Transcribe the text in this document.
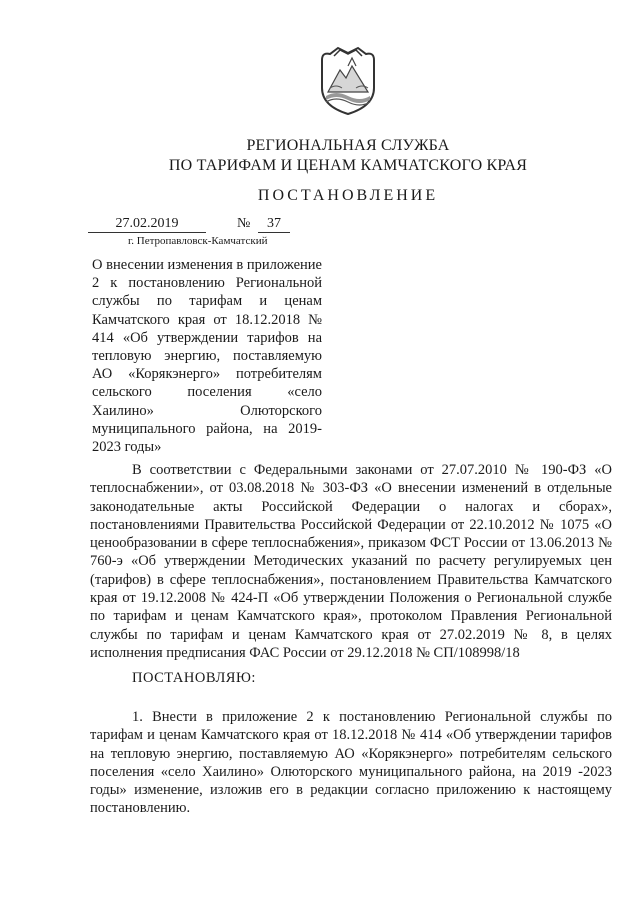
РЕГИОНАЛЬНАЯ СЛУЖБА
ПО ТАРИФАМ И ЦЕНАМ КАМЧАТСКОГО КРАЯ
ПОСТАНОВЛЕНИЕ
27.02.2019	№	37
г. Петропавловск-Камчатский

О внесении изменения в приложение 2 к постановлению Региональной службы по тарифам и ценам Камчатского края от 18.12.2018 № 414 «Об утверждении тарифов на тепловую энергию, поставляемую АО «Корякэнерго» потребителям сельского поселения «село Хаилино» Олюторского муниципального района, на 2019-2023 годы»

В соответствии с Федеральными законами от 27.07.2010 № 190-ФЗ «О теплоснабжении», от 03.08.2018 № 303-ФЗ «О внесении изменений в отдельные законодательные акты Российской Федерации о налогах и сборах», постановлениями Правительства Российской Федерации от 22.10.2012 № 1075 «О ценообразовании в сфере теплоснабжения», приказом ФСТ России от 13.06.2013 № 760-э «Об утверждении Методических указаний по расчету регулируемых цен (тарифов) в сфере теплоснабжения», постановлением Правительства Камчатского края от 19.12.2008 № 424-П «Об утверждении Положения о Региональной службе по тарифам и ценам Камчатского края», протоколом Правления Региональной службы по тарифам и ценам Камчатского края от 27.02.2019 № 8, в целях исполнения предписания ФАС России от 29.12.2018 № СП/108998/18

ПОСТАНОВЛЯЮ:

1. Внести в приложение 2 к постановлению Региональной службы по тарифам и ценам Камчатского края от 18.12.2018 № 414 «Об утверждении тарифов на тепловую энергию, поставляемую АО «Корякэнерго» потребителям сельского поселения «село Хаилино» Олюторского муниципального района, на 2019 -2023 годы» изменение, изложив его в редакции согласно приложению к настоящему постановлению.
